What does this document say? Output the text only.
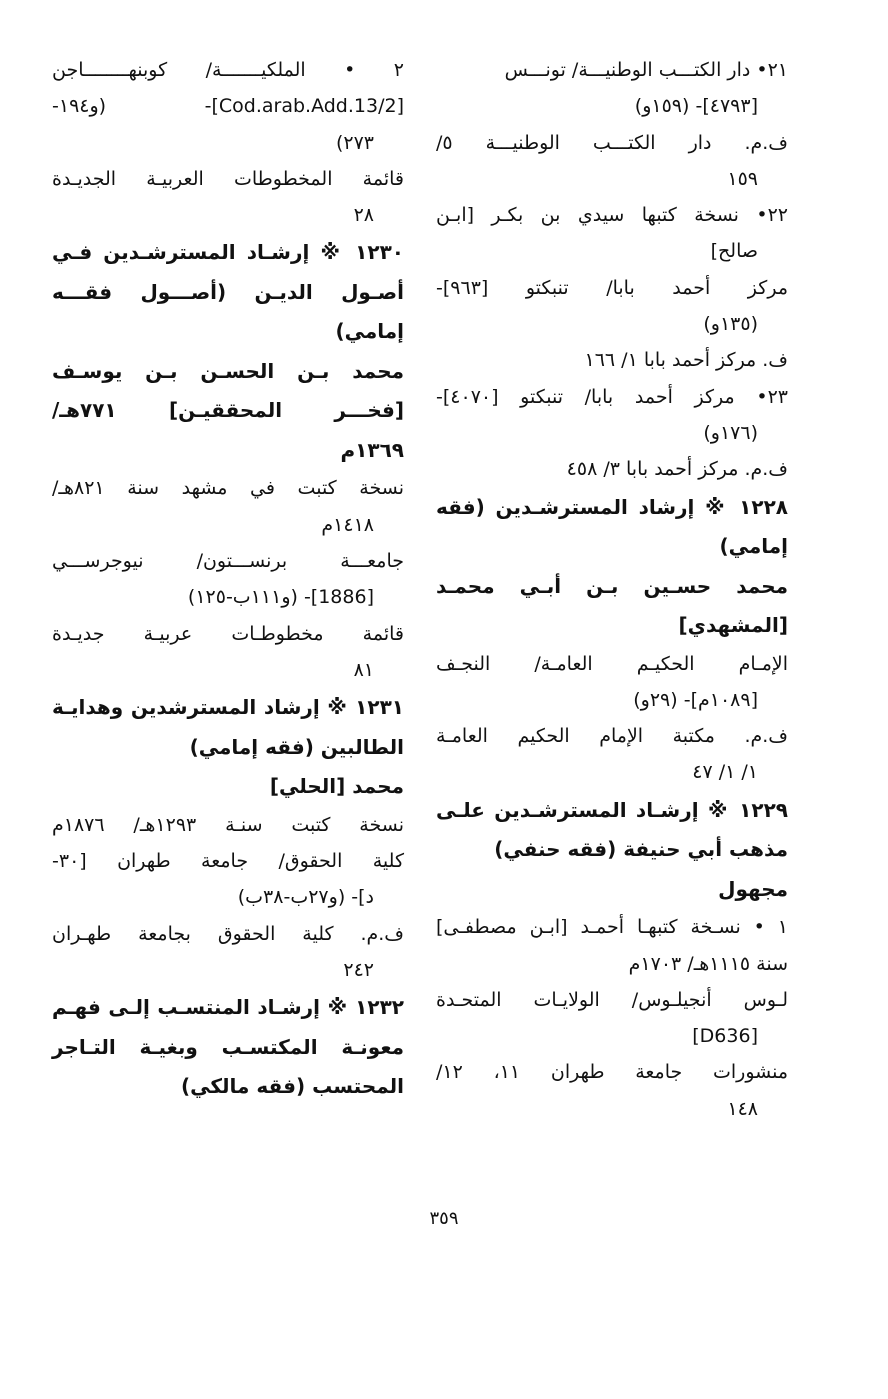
٢١• دار الكتـــب الوطنيـــة/ تونـــس
[٤٧٩٣]- (١٥٩و)
ف.م. دار الكتـــب الوطنيـــة ٥/
١٥٩
٢٢• نسخة كتبها سيدي بن بكـر [ابـن
صالح]
مركز أحمد بابا/ تنبكتو [٩٦٣]-
(١٣٥و)
ف. مركز أحمد بابا ١/ ١٦٦
٢٣• مركز أحمد بابا/ تنبكتو [٤٠٧٠]-
(١٧٦و)
ف.م. مركز أحمد بابا ٣/ ٤٥٨
١٢٢٨ ※ إرشاد المسترشـدين (فقه
إمامي)
محمد حسـين بـن أبـي محمـد
[المشهدي]
الإمـام الحكيـم العامـة/ النجـف
[١٠٨٩م]- (٢٩و)
ف.م. مكتبة الإمام الحكيم العامـة
١/ ١/ ٤٧
١٢٢٩ ※ إرشـاد المسترشـدين علـى
مذهب أبي حنيفة (فقه حنفي)
مجهول
١ • نسـخة كتبهـا أحمـد [ابـن مصطفـى]
سنة ١١١٥هـ/ ١٧٠٣م
لـوس أنجيلـوس/ الولايـات المتحـدة
[D636]
منشورات جامعة طهران ١١، ١٢/
١٤٨
٢ • الملكيـــــــة/ كوبنهــــــــاجن
[Cod.arab.Add.13/2]- (و١٩٤-
٢٧٣)
قائمة المخطوطات العربيـة الجديـدة
٢٨
١٢٣٠ ※ إرشـاد المسترشـدين فـي
أصـول الديـن (أصـــول فقـــه
إمامي)
محمد بـن الحسـن بـن يوسـف
[فخـــر المحققيـن] ٧٧١هـ/
١٣٦٩م
نسخة كتبت في مشهد سنة ٨٢١هـ/
١٤١٨م
جامعـــة برنســـتون/ نيوجرســـي
[1886]- (و١١١ب-١٢٥)
قائمة مخطوطـات عربيـة جديـدة
٨١
١٢٣١ ※ إرشاد المسترشدين وهدايـة
الطالبين (فقه إمامي)
محمد [الحلي]
نسخة كتبت سنـة ١٢٩٣هـ/ ١٨٧٦م
كلية الحقوق/ جامعة طهران [٣٠-
د]- (و٢٧ب-٣٨ب)
ف.م. كلية الحقوق بجامعة طهـران
٢٤٢
١٢٣٢ ※ إرشـاد المنتسـب إلـى فهـم
معونـة المكتسـب وبغيـة التـاجر
المحتسب (فقه مالكي)
٣٥٩
